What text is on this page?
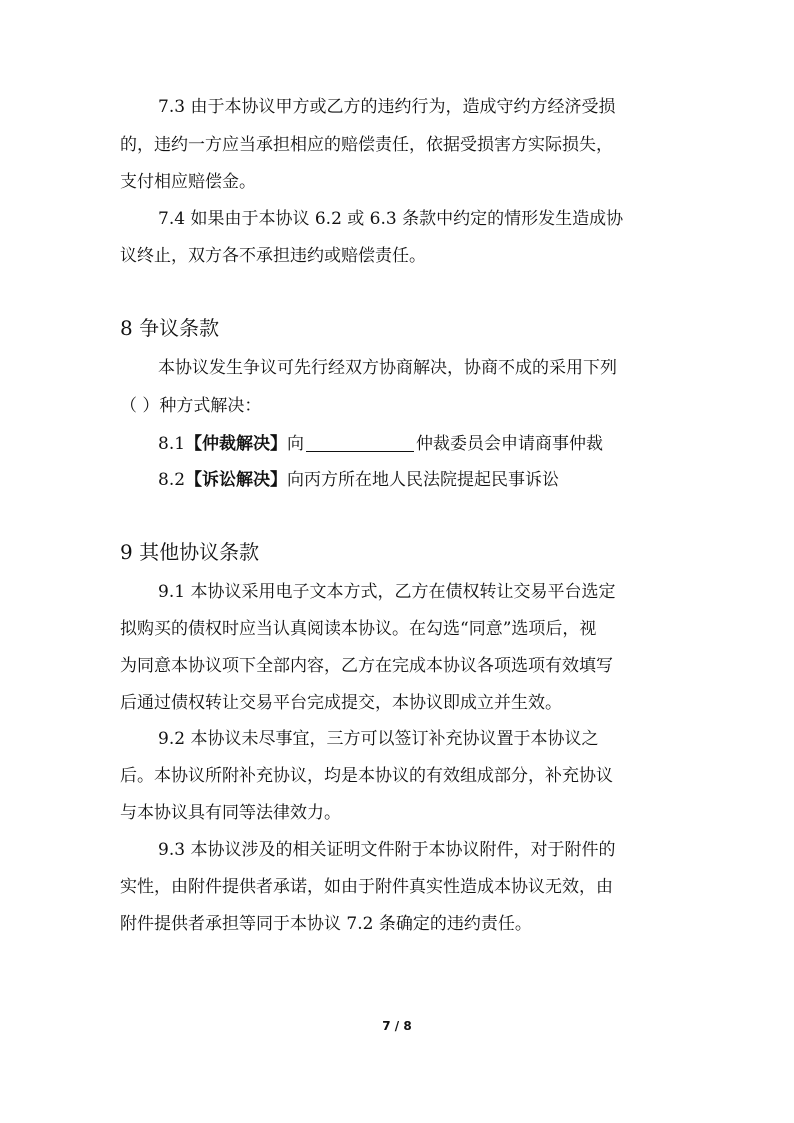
7.3 由于本协议甲方或乙方的违约行为，造成守约方经济受损
的，违约一方应当承担相应的赔偿责任，依据受损害方实际损失，
支付相应赔偿金。
7.4 如果由于本协议 6.2 或 6.3 条款中约定的情形发生造成协
议终止，双方各不承担违约或赔偿责任。
8 争议条款
本协议发生争议可先行经双方协商解决，协商不成的采用下列
（ ）种方式解决：
8.1【仲裁解决】向	仲裁委员会申请商事仲裁
8.2【诉讼解决】向丙方所在地人民法院提起民事诉讼
9 其他协议条款
9.1 本协议采用电子文本方式，乙方在债权转让交易平台选定
拟购买的债权时应当认真阅读本协议。在勾选“同意”选项后，视
为同意本协议项下全部内容，乙方在完成本协议各项选项有效填写
后通过债权转让交易平台完成提交，本协议即成立并生效。
9.2 本协议未尽事宜，三方可以签订补充协议置于本协议之
后。本协议所附补充协议，均是本协议的有效组成部分，补充协议
与本协议具有同等法律效力。
9.3 本协议涉及的相关证明文件附于本协议附件，对于附件的
实性，由附件提供者承诺，如由于附件真实性造成本协议无效，由
附件提供者承担等同于本协议 7.2 条确定的违约责任。
7 / 8
